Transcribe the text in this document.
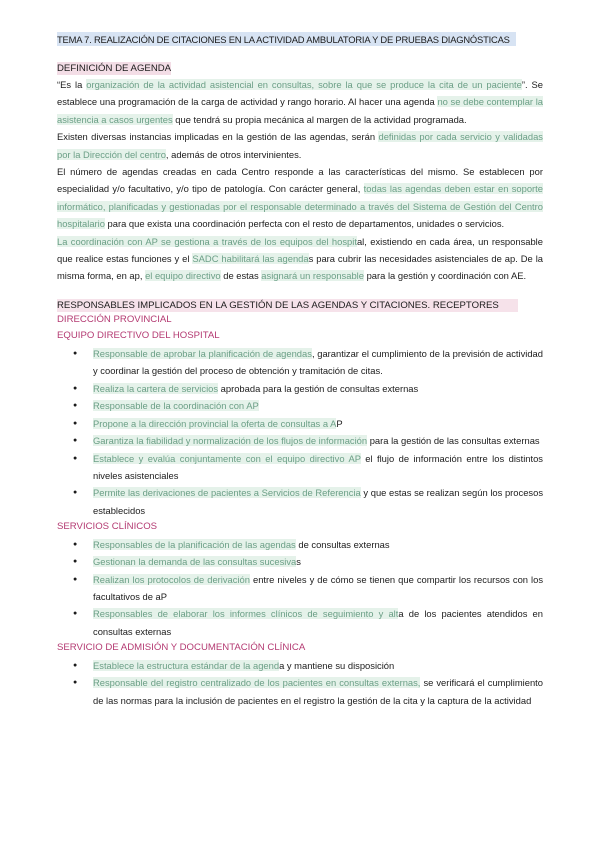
TEMA 7. REALIZACIÓN DE CITACIONES EN LA ACTIVIDAD AMBULATORIA Y DE PRUEBAS DIAGNÓSTICAS DEFINICIÓN DE AGENDA

“Es la organización de la actividad asistencial en consultas, sobre la que se produce la cita de un paciente”. Se establece una programación de la carga de actividad y rango horario. Al hacer una agenda no se debe contemplar la asistencia a casos urgentes que tendrá su propia mecánica al margen de la actividad programada.

Existen diversas instancias implicadas en la gestión de las agendas, serán definidas por cada servicio y validadas por la Dirección del centro, además de otros intervinientes.

El número de agendas creadas en cada Centro responde a las características del mismo. Se establecen por especialidad y/o facultativo, y/o tipo de patología. Con carácter general, todas las agendas deben estar en soporte informático, planificadas y gestionadas por el responsable determinado a través del Sistema de Gestión del Centro hospitalario para que exista una coordinación perfecta con el resto de departamentos, unidades o servicios.

La coordinación con AP se gestiona a través de los equipos del hospital, existiendo en cada área, un responsable que realice estas funciones y el SADC habilitará las agendas para cubrir las necesidades asistenciales de ap. De la misma forma, en ap, el equipo directivo de estas asignará un responsable para la gestión y coordinación con AE.

RESPONSABLES IMPLICADOS EN LA GESTIÓN DE LAS AGENDAS Y CITACIONES. RECEPTORES
DIRECCIÓN PROVINCIAL
EQUIPO DIRECTIVO DEL HOSPITAL
● Responsable de aprobar la planificación de agendas, garantizar el cumplimiento de la previsión de actividad y coordinar la gestión del proceso de obtención y tramitación de citas.
● Realiza la cartera de servicios aprobada para la gestión de consultas externas
● Responsable de la coordinación con AP
● Propone a la dirección provincial la oferta de consultas a AP
● Garantiza la fiabilidad y normalización de los flujos de información para la gestión de las consultas externas
● Establece y evalúa conjuntamente con el equipo directivo AP el flujo de información entre los distintos niveles asistenciales
● Permite las derivaciones de pacientes a Servicios de Referencia y que estas se realizan según los procesos establecidos
SERVICIOS CLÍNICOS
● Responsables de la planificación de las agendas de consultas externas
● Gestionan la demanda de las consultas sucesivas
● Realizan los protocolos de derivación entre niveles y de cómo se tienen que compartir los recursos con los facultativos de aP
● Responsables de elaborar los informes clínicos de seguimiento y alta de los pacientes atendidos en consultas externas
SERVICIO DE ADMISIÓN Y DOCUMENTACIÓN CLÍNICA
● Establece la estructura estándar de la agenda y mantiene su disposición
● Responsable del registro centralizado de los pacientes en consultas externas, se verificará el cumplimiento de las normas para la inclusión de pacientes en el registro la gestión de la cita y la captura de la actividad
